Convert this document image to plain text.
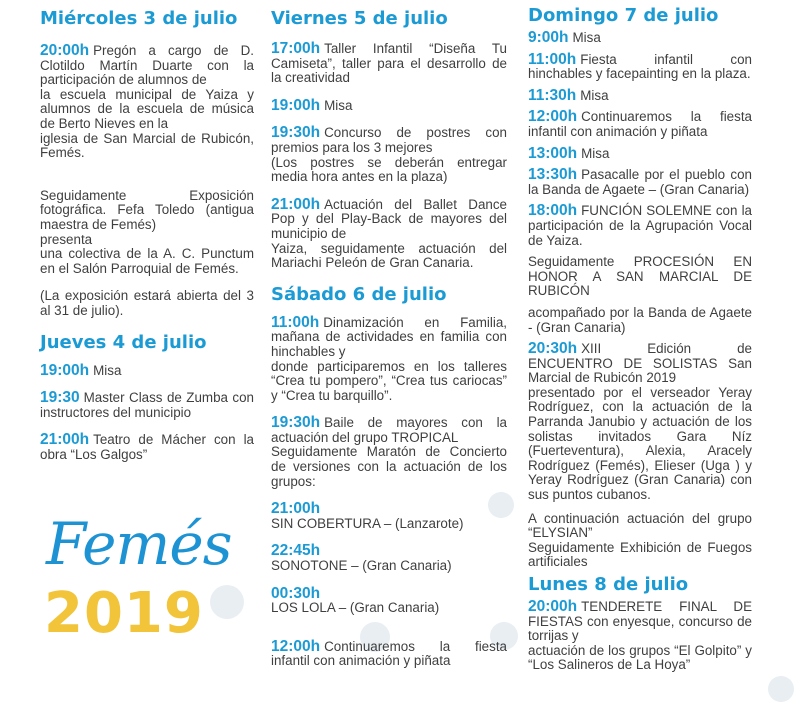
Miércoles 3 de julio
20:00h Pregón a cargo de D. Clotildo Martín Duarte con la participación de alumnos de
la escuela municipal de Yaiza y alumnos de la escuela de música de Berto Nieves en la
iglesia de San Marcial de Rubicón, Femés.
Seguidamente Exposición fotográfica. Fefa Toledo (antigua maestra de Femés)
presenta
una colectiva de la A. C. Punctum en el Salón Parroquial de Femés.
(La exposición estará abierta del 3 al 31 de julio).
Jueves 4 de julio
19:00h Misa
19:30 Master Class de Zumba con instructores del municipio
21:00h Teatro de Mácher con la obra “Los Galgos”
Femés
2019
Viernes 5 de julio
17:00h Taller Infantil “Diseña Tu Camiseta”, taller para el desarrollo de la creatividad
19:00h Misa
19:30h Concurso de postres con premios para los 3 mejores
(Los postres se deberán entregar media hora antes en la plaza)
21:00h Actuación del Ballet Dance Pop y del Play-Back de mayores del municipio de
Yaiza, seguidamente actuación del Mariachi Peleón de Gran Canaria.
Sábado 6 de julio
11:00h Dinamización en Familia, mañana de actividades en familia con hinchables y
donde participaremos en los talleres “Crea tu pompero”, “Crea tus cariocas” y “Crea tu barquillo”.
19:30h Baile de mayores con la actuación del grupo TROPICAL
Seguidamente Maratón de Concierto de versiones con la actuación de los grupos:
21:00h
SIN COBERTURA – (Lanzarote)
22:45h
SONOTONE – (Gran Canaria)
00:30h
LOS LOLA – (Gran Canaria)
12:00h Continuaremos la fiesta infantil con animación y piñata
Domingo 7 de julio
9:00h Misa
11:00h Fiesta infantil con hinchables y facepainting en la plaza.
11:30h Misa
12:00h Continuaremos la fiesta infantil con animación y piñata
13:00h Misa
13:30h Pasacalle por el pueblo con la Banda de Agaete – (Gran Canaria)
18:00h FUNCIÓN SOLEMNE con la participación de la Agrupación Vocal de Yaiza.
Seguidamente PROCESIÓN EN HONOR A SAN MARCIAL DE RUBICÓN
acompañado por la Banda de Agaete - (Gran Canaria)
20:30h XIII Edición de ENCUENTRO DE SOLISTAS San Marcial de Rubicón 2019
presentado por el verseador Yeray Rodríguez, con la actuación de la Parranda Janubio y actuación de los solistas invitados Gara Níz (Fuerteventura), Alexia, Aracely Rodríguez (Femés), Elieser (Uga ) y Yeray Rodríguez (Gran Canaria) con sus puntos cubanos.
A continuación actuación del grupo “ELYSIAN”
Seguidamente Exhibición de Fuegos artificiales
Lunes 8 de julio
20:00h TENDERETE FINAL DE FIESTAS con enyesque, concurso de torrijas y
actuación de los grupos “El Golpito” y “Los Salineros de La Hoya”
